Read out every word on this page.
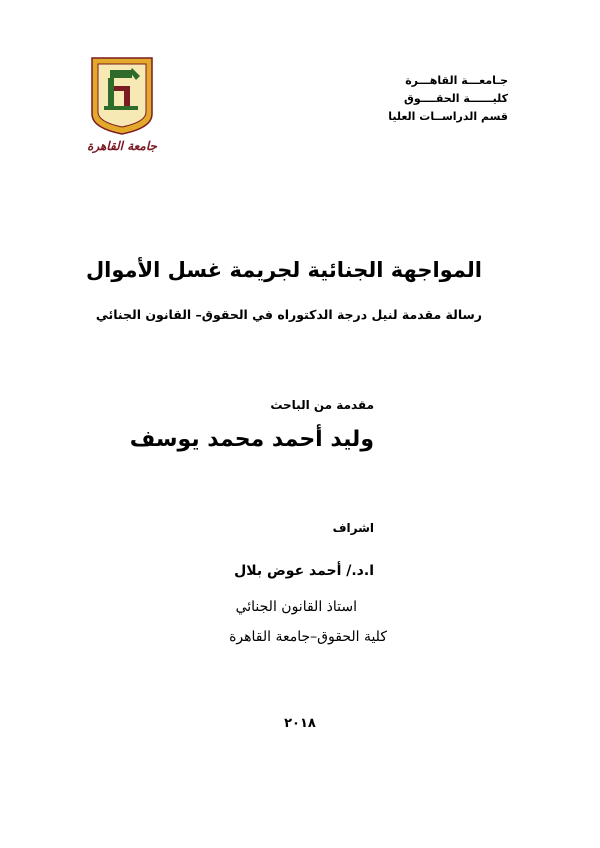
جامعة القاهرة
جـامعـــة القاهـــرة
كليــــــة الحقــــوق
قسم الدراســات العليا
المواجهة الجنائية لجريمة غسل الأموال
رسالة مقدمة لنيل درجة الدكتوراه في الحقوق– القانون الجنائي
مقدمة من الباحث
وليد أحمد محمد يوسف
اشراف
ا.د./ أحمد عوض بلال
استاذ القانون الجنائي
كلية الحقوق–جامعة القاهرة
٢٠١٨
